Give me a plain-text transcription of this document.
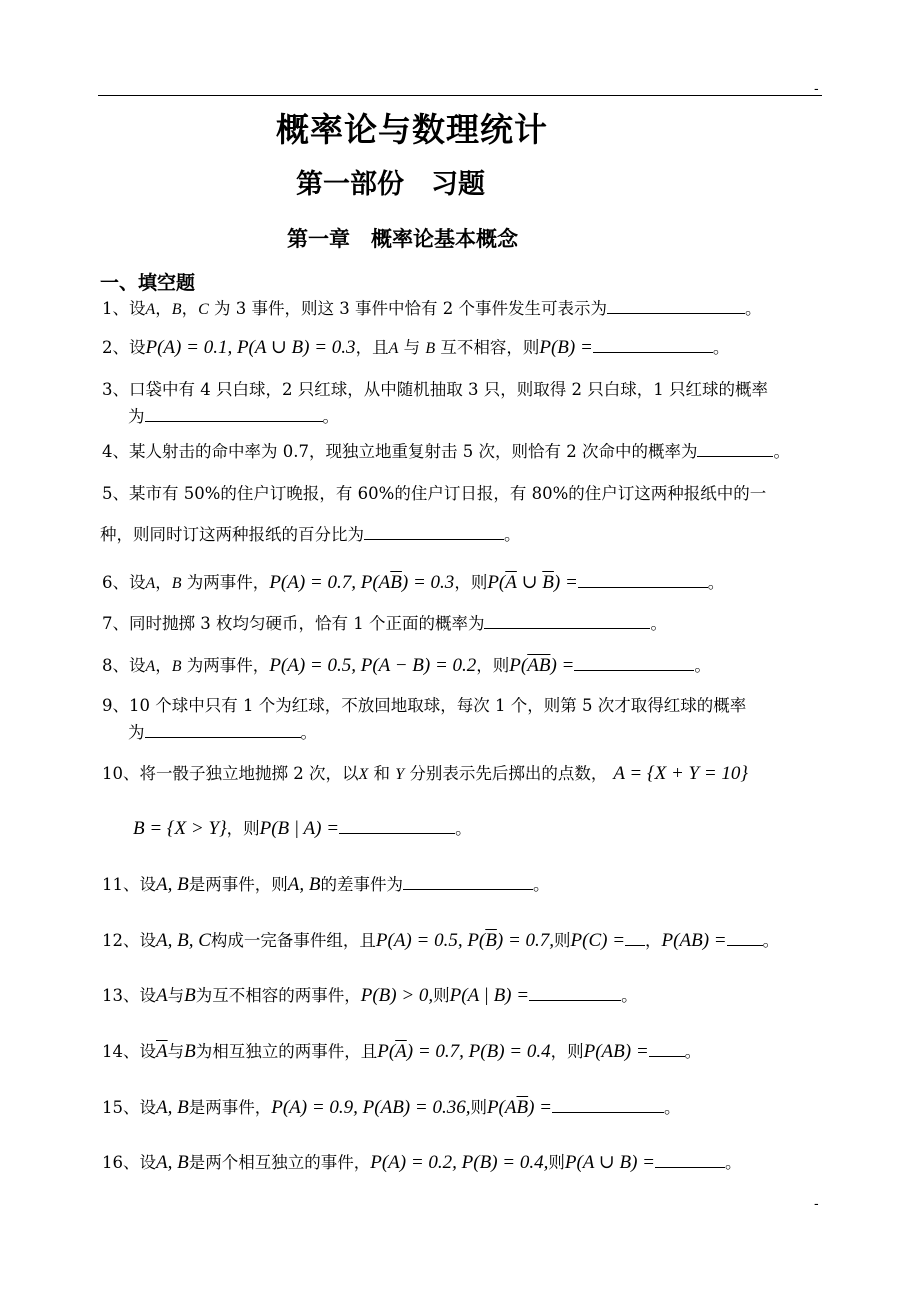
-
概率论与数理统计
第一部份　习题
第一章　概率论基本概念
一、填空题
1、设A，B，C 为 3 事件，则这 3 事件中恰有 2 个事件发生可表示为	。
2、设P(A) = 0.1, P(A ∪ B) = 0.3，且A 与 B 互不相容，则P(B) =	。
3、口袋中有 4 只白球，2 只红球，从中随机抽取 3 只，则取得 2 只白球，1 只红球的概率
为	。
4、某人射击的命中率为 0.7，现独立地重复射击 5 次，则恰有 2 次命中的概率为	。
5、某市有 50%的住户订晚报，有 60%的住户订日报，有 80%的住户订这两种报纸中的一
种，则同时订这两种报纸的百分比为	。
6、设A，B 为两事件，P(A) = 0.7, $P(A\overline{B}) = 0.3$，则$P(\overline{A}$ ∪ $\overline{B}$) =	。
7、同时抛掷 3 枚均匀硬币，恰有 1 个正面的概率为	。
8、设A，B 为两事件，P(A) = 0.5, P(A − B) = 0.2，则$P(\overline{AB})$ =	。
9、10 个球中只有 1 个为红球，不放回地取球，每次 1 个，则第 5 次才取得红球的概率
为	。
10、将一骰子独立地抛掷 2 次，以X 和 Y 分别表示先后掷出的点数， A = {X + Y = 10}
B = {X > Y}，则P(B | A) =	。
11、设A, B是两事件，则A, B的差事件为	。
12、设A, B, C构成一完备事件组，且P(A) = 0.5, $P(\overline{B}) = 0.7$,则P(C) = ，P(AB) = 。
13、设A与B为互不相容的两事件，P(B) > 0,则P(A | B) =	。
14、设$\overline{A}$与B为相互独立的两事件，且$P(\overline{A}) = 0.7$, P(B) = 0.4，则P(AB) = 。
15、设A, B是两事件，P(A) = 0.9, P(AB) = 0.36,则$P(A\overline{B})$ =	。
16、设A, B是两个相互独立的事件，P(A) = 0.2, P(B) = 0.4,则P(A ∪ B) =	。
-
